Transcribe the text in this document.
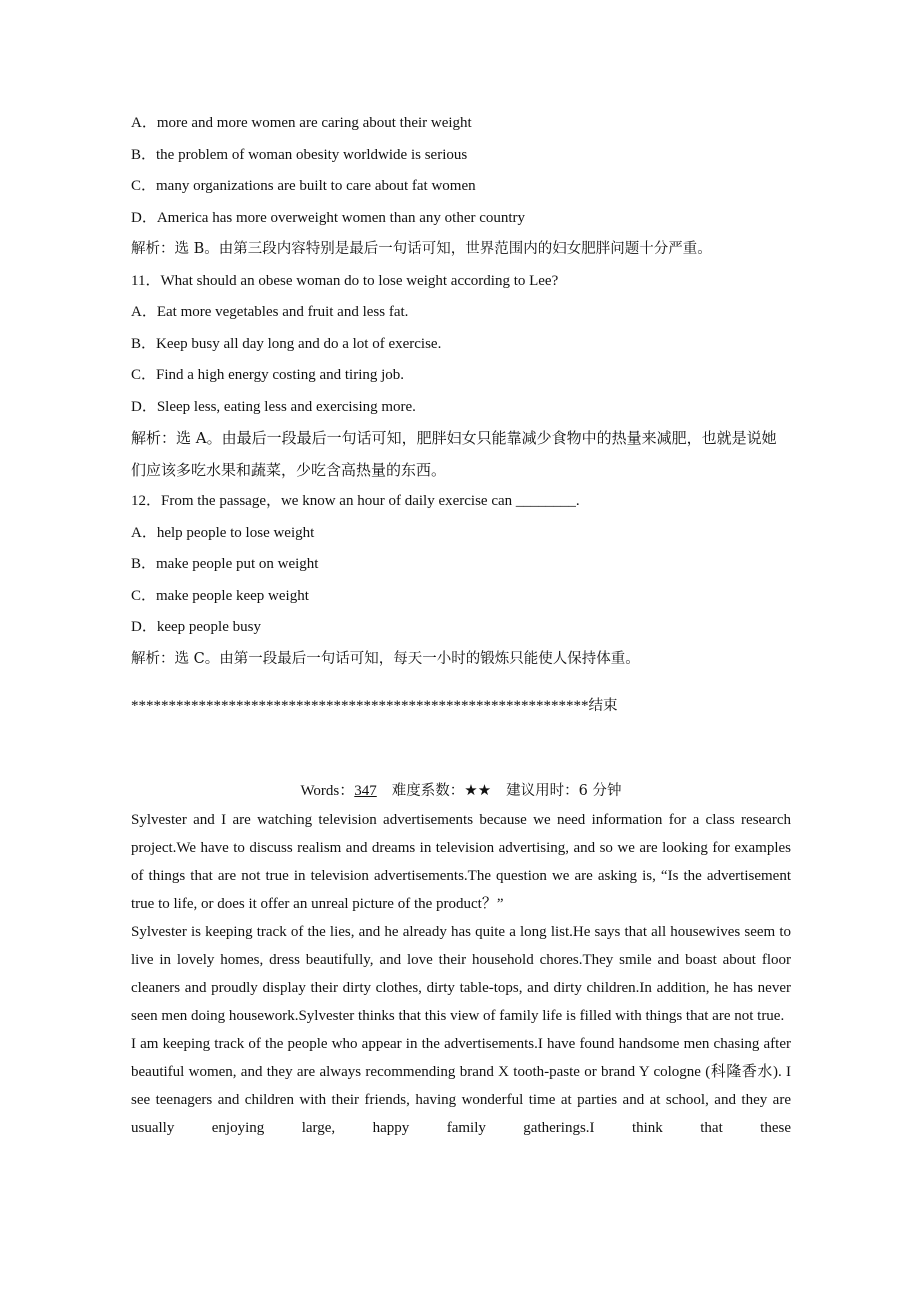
A．more and more women are caring about their weight
B．the problem of woman obesity worldwide is serious
C．many organizations are built to care about fat women
D．America has more overweight women than any other country
解析：选 B。由第三段内容特别是最后一句话可知，世界范围内的妇女肥胖问题十分严重。
11．What should an obese woman do to lose weight according to Lee?
A．Eat more vegetables and fruit and less fat.
B．Keep busy all day long and do a lot of exercise.
C．Find a high energy costing and tiring job.
D．Sleep less, eating less and exercising more.
解析：选 A。由最后一段最后一句话可知，肥胖妇女只能靠减少食物中的热量来减肥，也就是说她们应该多吃水果和蔬菜，少吃含高热量的东西。
12．From the passage，we know an hour of daily exercise can ________.
A．help people to lose weight
B．make people put on weight
C．make people keep weight
D．keep people busy
解析：选 C。由第一段最后一句话可知，每天一小时的锻炼只能使人保持体重。
*************************************************************结束
Words：347 难度系数：★★ 建议用时：6 分钟

Sylvester and I are watching television advertisements because we need information for a class research project.We have to discuss realism and dreams in television advertising, and so we are looking for examples of things that are not true in television advertisements.The question we are asking is, “Is the advertisement true to life, or does it offer an unreal picture of the product？”

Sylvester is keeping track of the lies, and he already has quite a long list.He says that all housewives seem to live in lovely homes, dress beautifully, and love their household chores.They smile and boast about floor cleaners and proudly display their dirty clothes, dirty table-tops, and dirty children.In addition, he has never seen men doing housework.Sylvester thinks that this view of family life is filled with things that are not true.

I am keeping track of the people who appear in the advertisements.I have found handsome men chasing after beautiful women, and they are always recommending brand X tooth-paste or brand Y cologne (科隆香水). I see teenagers and children with their friends, having wonderful time at parties and at school, and they are usually enjoying large, happy family gatherings.I think that these
